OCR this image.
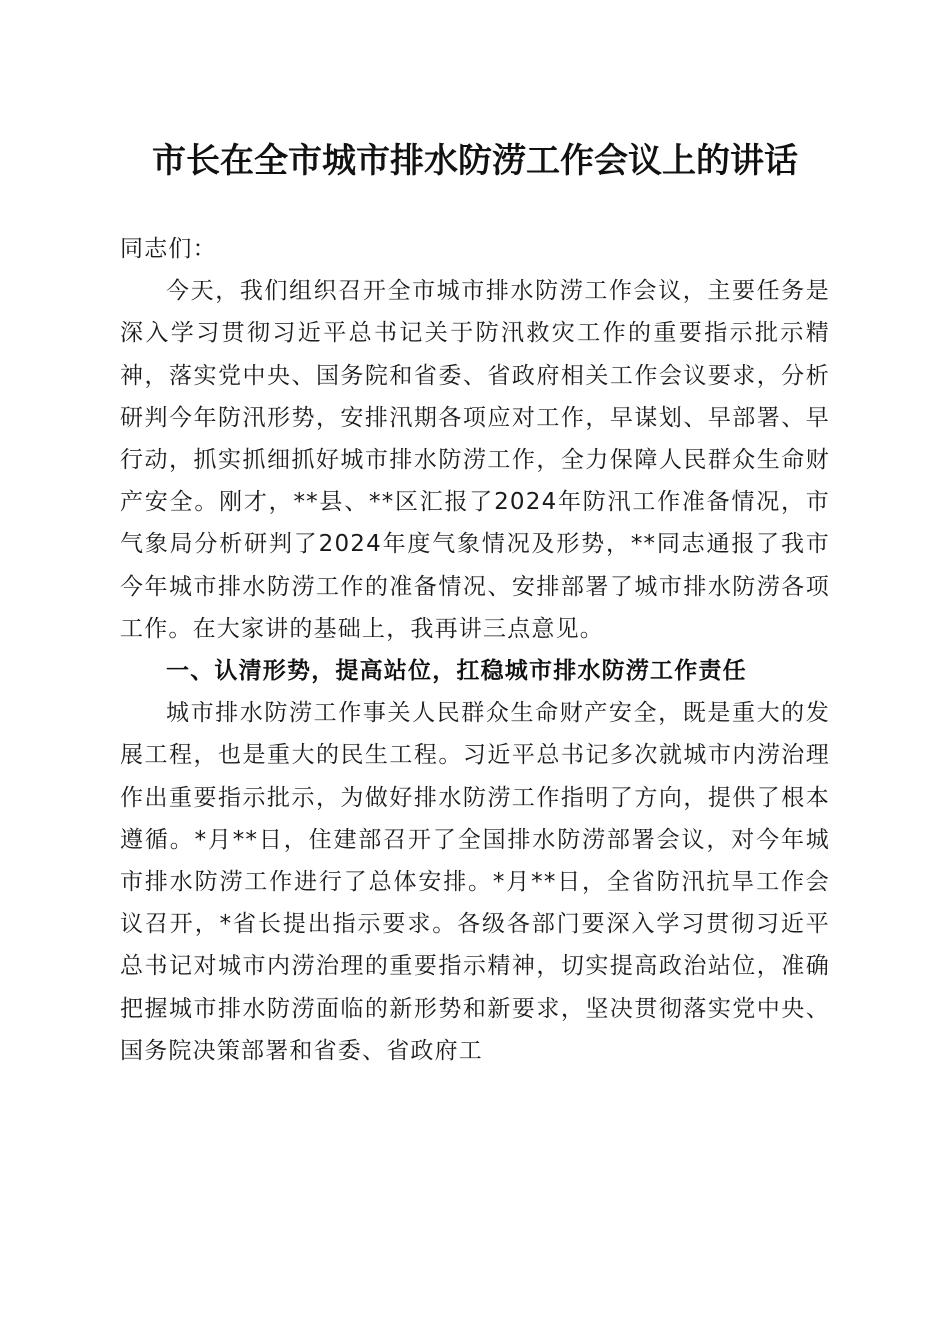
市长在全市城市排水防涝工作会议上的讲话

同志们：

今天，我们组织召开全市城市排水防涝工作会议，主要任务是深入学习贯彻习近平总书记关于防汛救灾工作的重要指示批示精神，落实党中央、国务院和省委、省政府相关工作会议要求，分析研判今年防汛形势，安排汛期各项应对工作，早谋划、早部署、早行动，抓实抓细抓好城市排水防涝工作，全力保障人民群众生命财产安全。刚才，**县、**区汇报了2024年防汛工作准备情况，市气象局分析研判了2024年度气象情况及形势，**同志通报了我市今年城市排水防涝工作的准备情况、安排部署了城市排水防涝各项工作。在大家讲的基础上，我再讲三点意见。

一、认清形势，提高站位，扛稳城市排水防涝工作责任

城市排水防涝工作事关人民群众生命财产安全，既是重大的发展工程，也是重大的民生工程。习近平总书记多次就城市内涝治理作出重要指示批示，为做好排水防涝工作指明了方向，提供了根本遵循。*月**日，住建部召开了全国排水防涝部署会议，对今年城市排水防涝工作进行了总体安排。*月**日，全省防汛抗旱工作会议召开，*省长提出指示要求。各级各部门要深入学习贯彻习近平总书记对城市内涝治理的重要指示精神，切实提高政治站位，准确把握城市排水防涝面临的新形势和新要求，坚决贯彻落实党中央、国务院决策部署和省委、省政府工
